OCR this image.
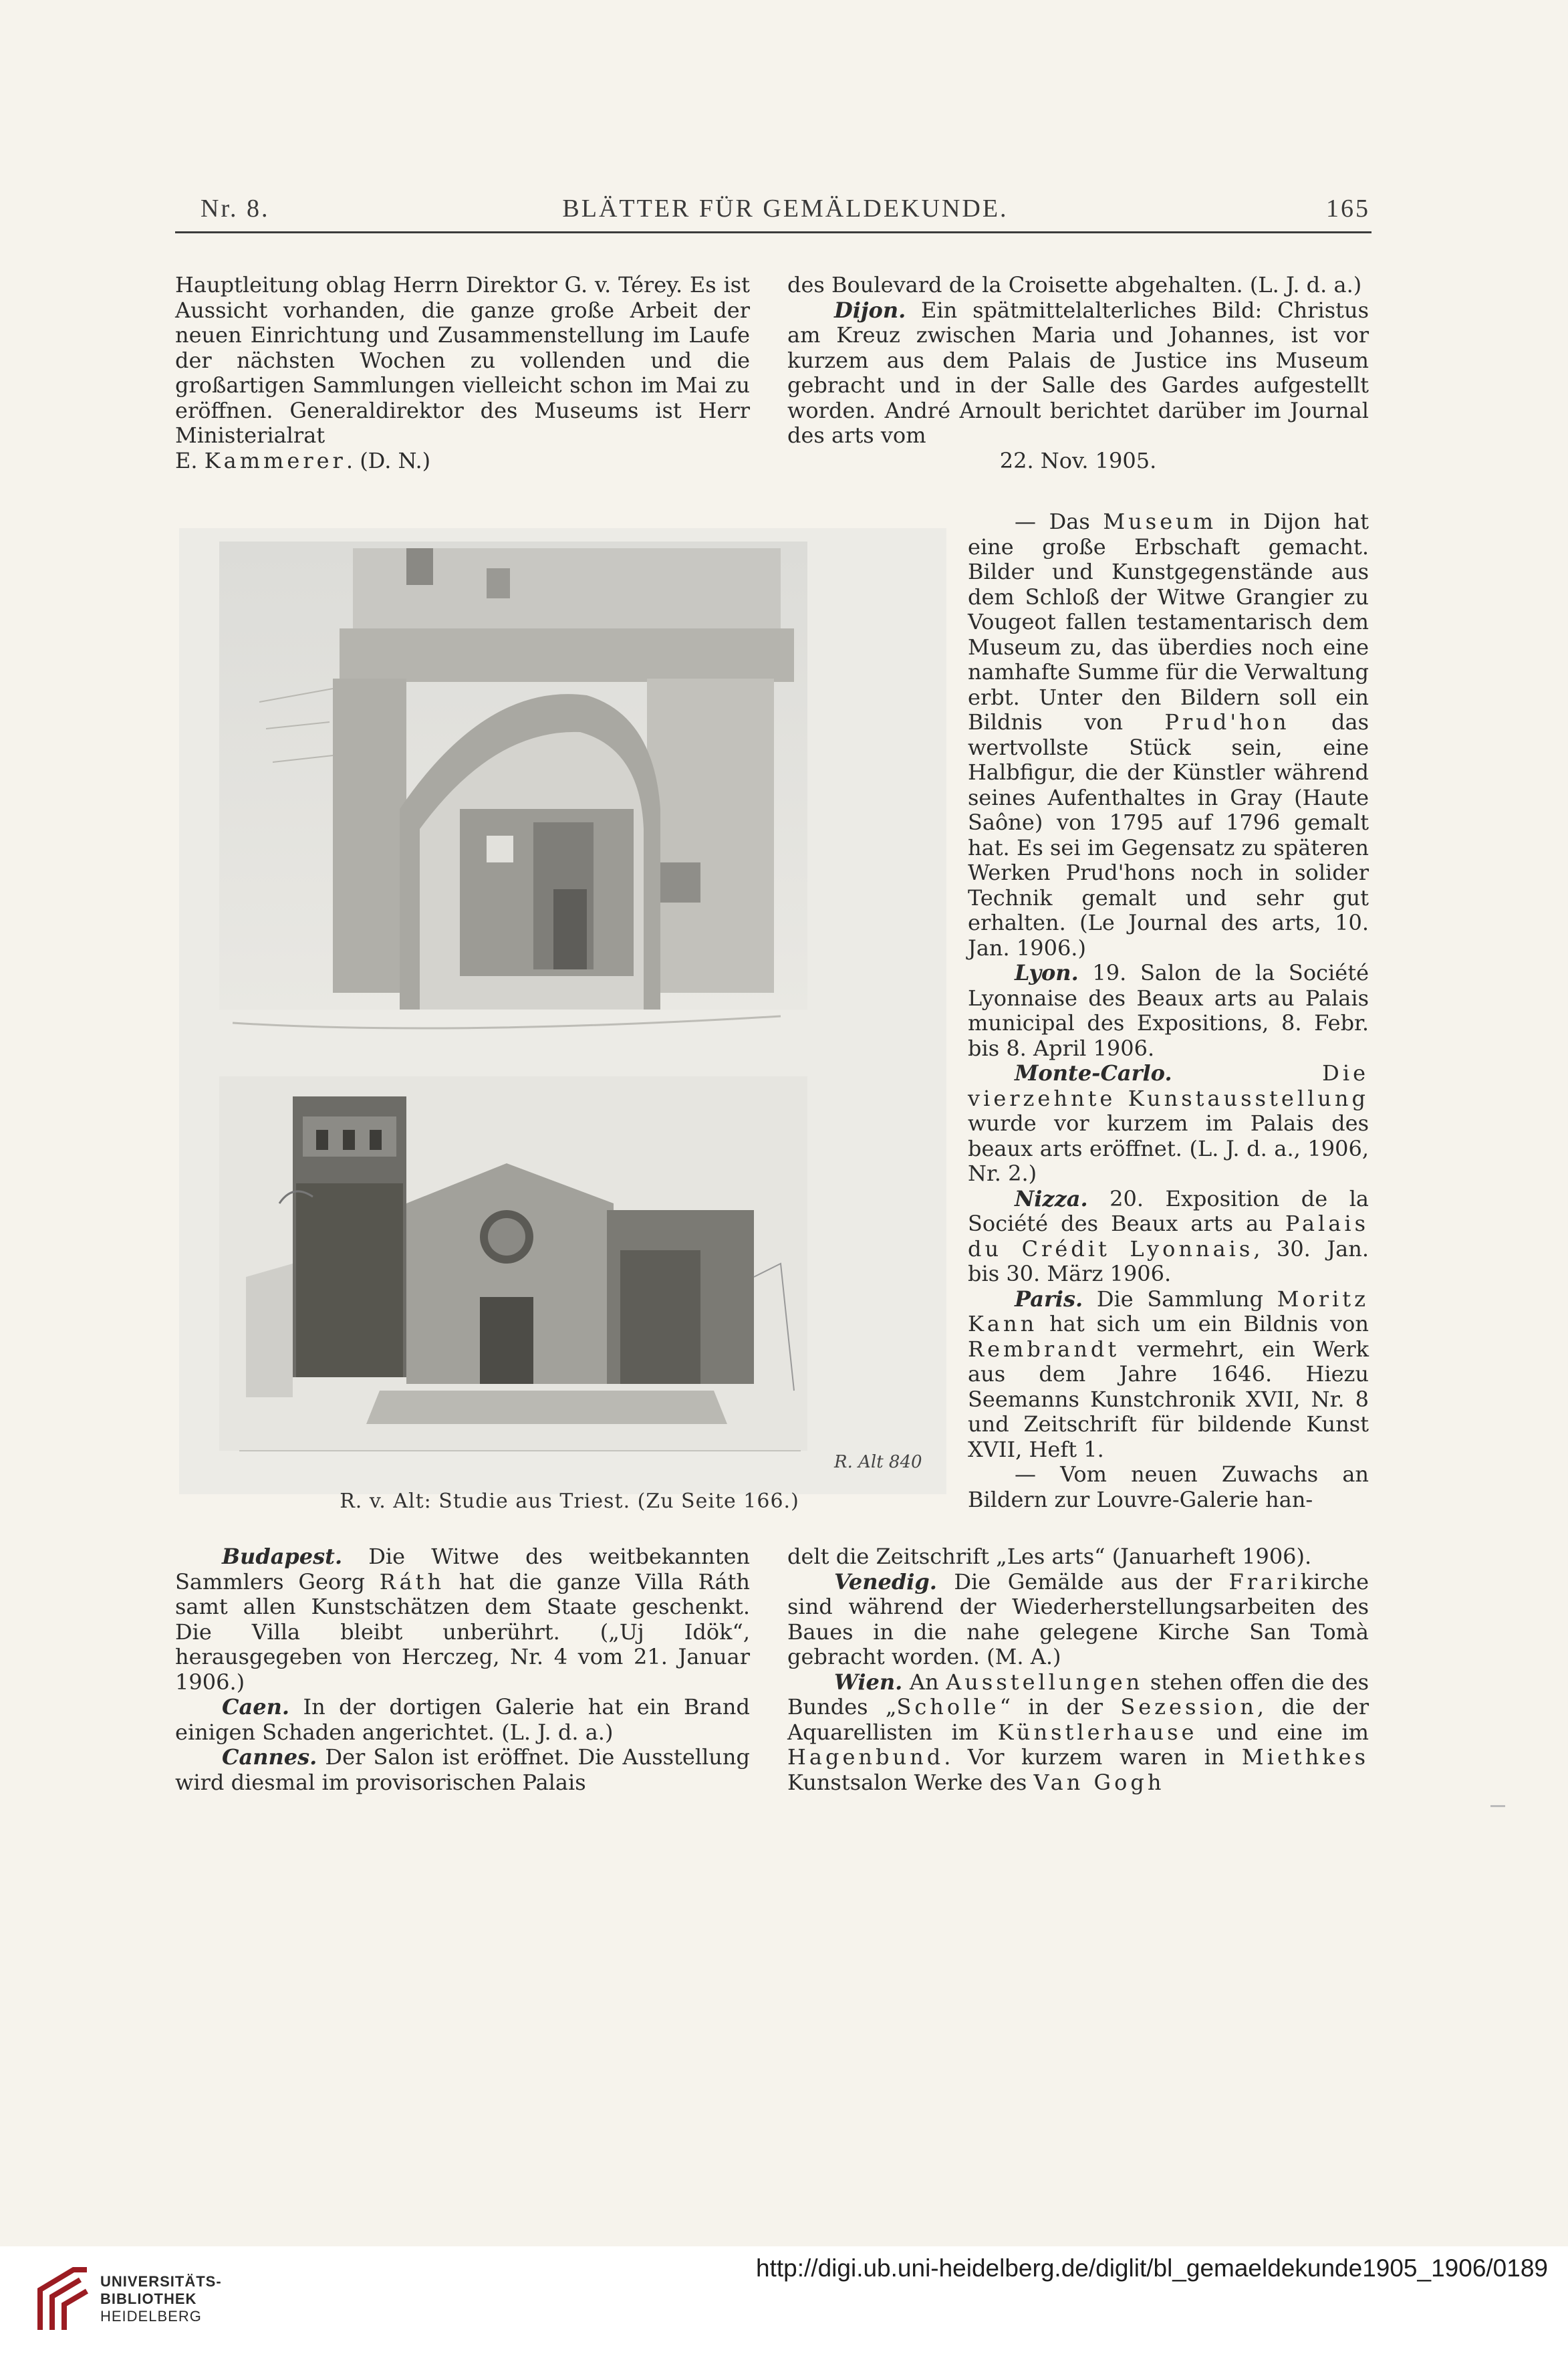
Nr. 8.	BLÄTTER FÜR GEMÄLDEKUNDE.	165

Hauptleitung oblag Herrn Direktor G. v. Térey. Es ist Aussicht vorhanden, die ganze große Arbeit der neuen Einrichtung und Zusammenstellung im Laufe der nächsten Wochen zu vollenden und die großartigen Sammlungen vielleicht schon im Mai zu eröffnen. Generaldirektor des Museums ist Herr Ministerialrat

E. Kammerer. (D. N.)

R. Alt 840
R. v. Alt: Studie aus Triest. (Zu Seite 166.)

des Boulevard de la Croisette abgehalten. (L. J. d. a.)

Dijon. Ein spätmittelalterliches Bild: Christus am Kreuz zwischen Maria und Johannes, ist vor kurzem aus dem Palais de Justice ins Museum gebracht und in der Salle des Gardes aufgestellt worden. André Arnoult berichtet darüber im Journal des arts vom

22. Nov. 1905.

— Das Museum in Dijon hat eine große Erbschaft gemacht. Bilder und Kunstgegenstände aus dem Schloß der Witwe Grangier zu Vougeot fallen testamentarisch dem Museum zu, das überdies noch eine namhafte Summe für die Verwaltung erbt. Unter den Bildern soll ein Bildnis von Prud'hon das wertvollste Stück sein, eine Halbfigur, die der Künstler während seines Aufenthaltes in Gray (Haute Saône) von 1795 auf 1796 gemalt hat. Es sei im Gegensatz zu späteren Werken Prud'hons noch in solider Technik gemalt und sehr gut erhalten. (Le Journal des arts, 10. Jan. 1906.)

Lyon. 19. Salon de la Société Lyonnaise des Beaux arts au Palais municipal des Expositions, 8. Febr. bis 8. April 1906.

Monte-Carlo. Die vierzehnte Kunstausstellung wurde vor kurzem im Palais des beaux arts eröffnet. (L. J. d. a., 1906, Nr. 2.)

Nizza. 20. Exposition de la Société des Beaux arts au Palais du Crédit Lyonnais, 30. Jan. bis 30. März 1906.

Paris. Die Sammlung Moritz Kann hat sich um ein Bildnis von Rembrandt vermehrt, ein Werk aus dem Jahre 1646. Hiezu Seemanns Kunstchronik XVII, Nr. 8 und Zeitschrift für bildende Kunst XVII, Heft 1.

— Vom neuen Zuwachs an Bildern zur Louvre-Galerie han-

Budapest. Die Witwe des weitbekannten Sammlers Georg Ráth hat die ganze Villa Ráth samt allen Kunstschätzen dem Staate geschenkt. Die Villa bleibt unberührt. („Uj Idök“, herausgegeben von Herczeg, Nr. 4 vom 21. Januar 1906.)

Caen. In der dortigen Galerie hat ein Brand einigen Schaden angerichtet. (L. J. d. a.)

Cannes. Der Salon ist eröffnet. Die Ausstellung wird diesmal im provisorischen Palais

delt die Zeitschrift „Les arts“ (Januarheft 1906).

Venedig. Die Gemälde aus der Frarikirche sind während der Wiederherstellungsarbeiten des Baues in die nahe gelegene Kirche San Tomà gebracht worden. (M. A.)

Wien. An Ausstellungen stehen offen die des Bundes „Scholle“ in der Sezession, die der Aquarellisten im Künstlerhause und eine im Hagenbund. Vor kurzem waren in Miethkes Kunstsalon Werke des Van Gogh

UNIVERSITÄTS-
BIBLIOTHEK
HEIDELBERG
http://digi.ub.uni-heidelberg.de/diglit/bl_gemaeldekunde1905_1906/0189
